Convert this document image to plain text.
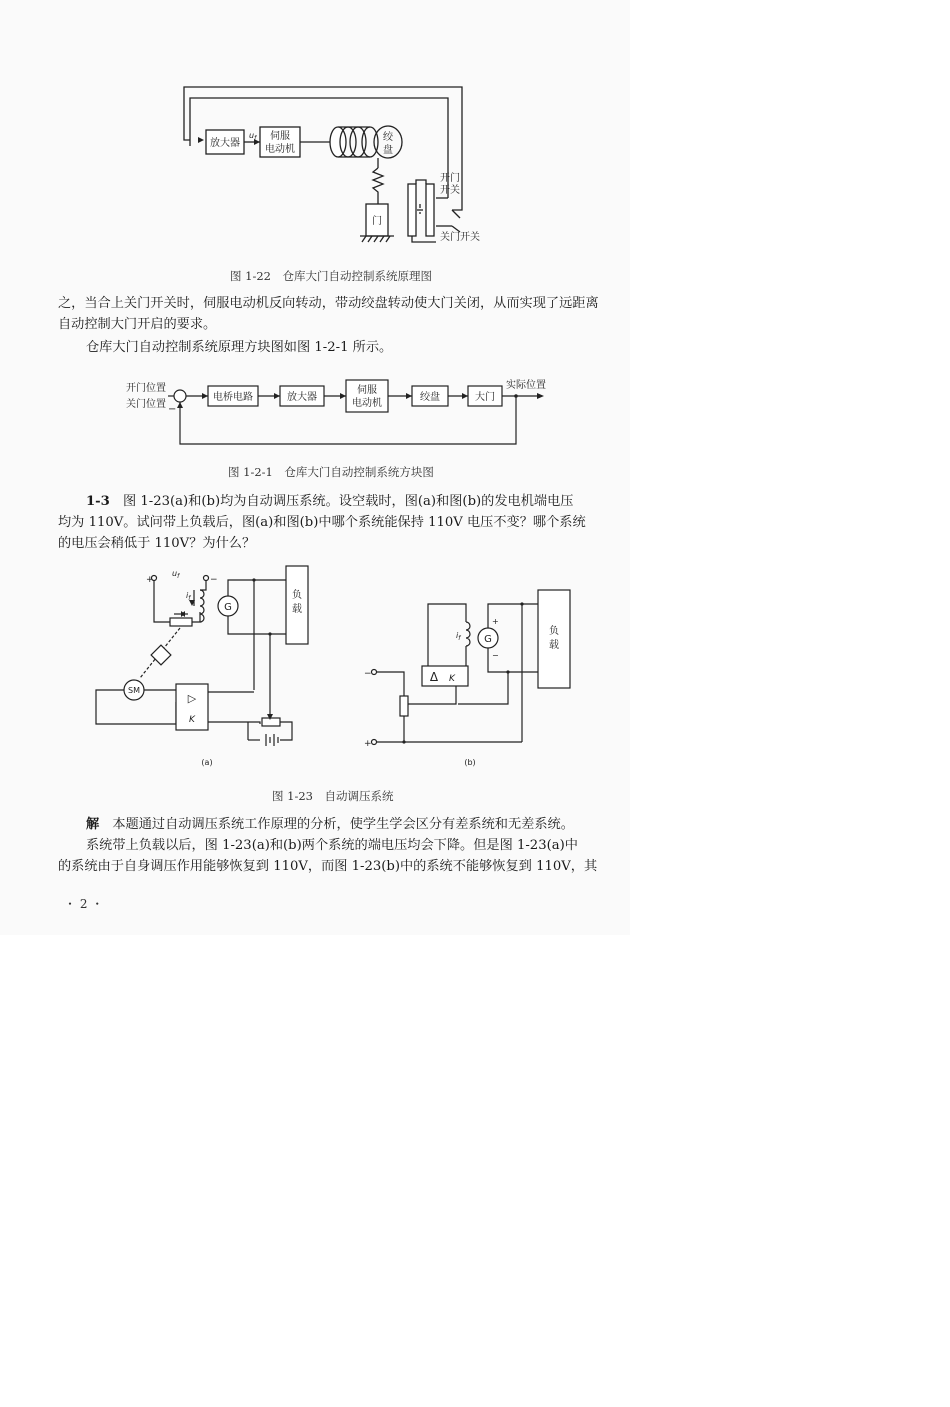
放大器
$u_f$ 伺服
电动机
绞
盘
门
开门
开关
关门开关
图 1-22　仓库大门自动控制系统原理图

之，当合上关门开关时，伺服电动机反向转动，带动绞盘转动使大门关闭，从而实现了远距离

自动控制大门开启的要求。

仓库大门自动控制系统原理方块图如图 1-2-1 所示。

开门位置
关门位置 −
电桥电路	放大器
伺服
电动机
绞盘	大门
实际位置
图 1-2-1　仓库大门自动控制系统方块图

1-3　 图 1-23(a)和(b)均为自动调压系统。设空载时，图(a)和图(b)的发电机端电压

均为 110V。试问带上负载后，图(a)和图(b)中哪个系统能保持 110V 电压不变？哪个系统

的电压会稍低于 110V？为什么？

+	−
$u_f$
$i_f$
G
负
载
SM
▷
K
(a)
−
+
$i_f$
+
G
−
负
载
Δ K
(b)
图 1-23　自动调压系统

解　 本题通过自动调压系统工作原理的分析，使学生学会区分有差系统和无差系统。

系统带上负载以后，图 1-23(a)和(b)两个系统的端电压均会下降。但是图 1-23(a)中

的系统由于自身调压作用能够恢复到 110V，而图 1-23(b)中的系统不能够恢复到 110V，其

・ 2 ・
